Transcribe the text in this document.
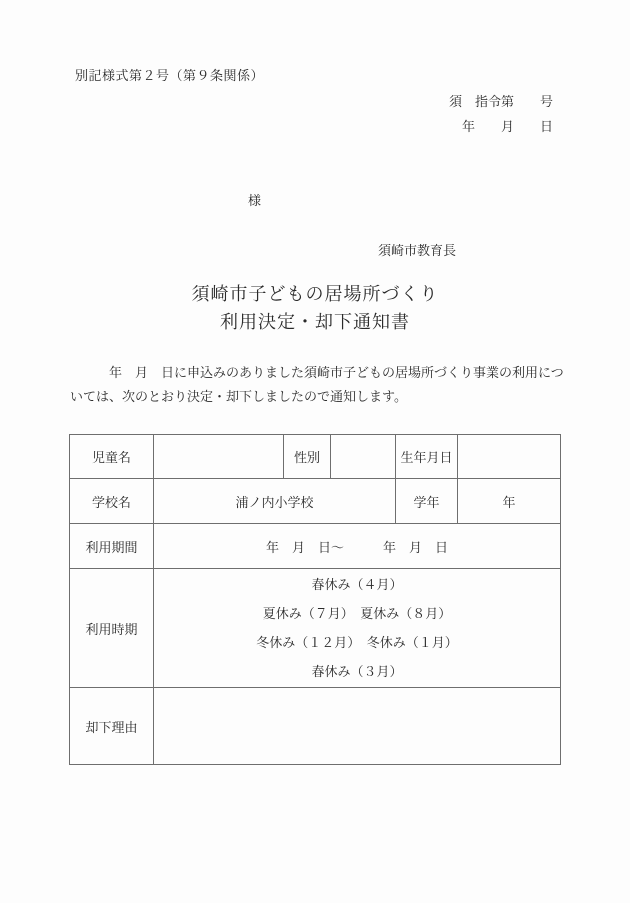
別記様式第２号（第９条関係）
須　指令第　　号
年　　月　　日
様
須崎市教育長
須崎市子どもの居場所づくり
利用決定・却下通知書
　　　年　月　日に申込みのありました須崎市子どもの居場所づくり事業の利用につ
いては、次のとおり決定・却下しましたので通知します。
児童名		性別		生年月日	
学校名	浦ノ内小学校			学年	年
利用期間	年　月　日～　　　年　月　日				
利用時期	春休み（４月）
夏休み（７月）　夏休み（８月）
冬休み（１２月）　冬休み（１月）
春休み（３月）				

却下理由					
